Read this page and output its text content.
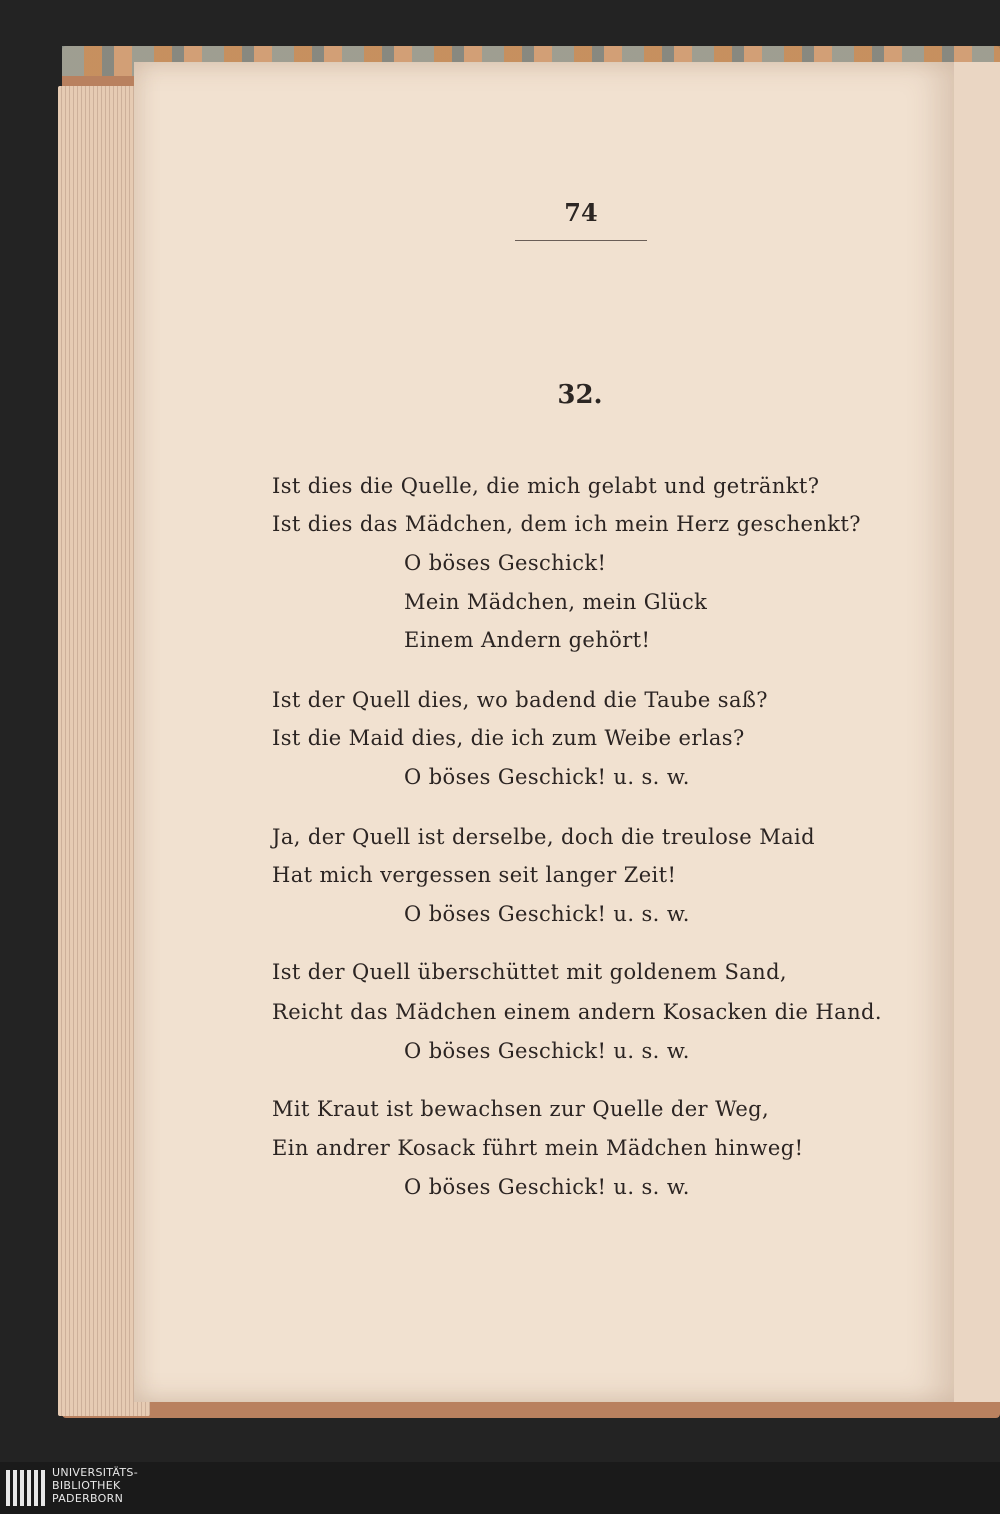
74
32.
Ist dies die Quelle, die mich gelabt und getränkt?
Ist dies das Mädchen, dem ich mein Herz geschenkt?
O böses Geschick!
Mein Mädchen, mein Glück
Einem Andern gehört!
Ist der Quell dies, wo badend die Taube saß?
Ist die Maid dies, die ich zum Weibe erlas?
O böses Geschick! u. s. w.
Ja, der Quell ist derselbe, doch die treulose Maid
Hat mich vergessen seit langer Zeit!
O böses Geschick! u. s. w.
Ist der Quell überschüttet mit goldenem Sand,
Reicht das Mädchen einem andern Kosacken die Hand.
O böses Geschick! u. s. w.
Mit Kraut ist bewachsen zur Quelle der Weg,
Ein andrer Kosack führt mein Mädchen hinweg!
O böses Geschick! u. s. w.
UNIVERSITÄTS-
BIBLIOTHEK
PADERBORN
